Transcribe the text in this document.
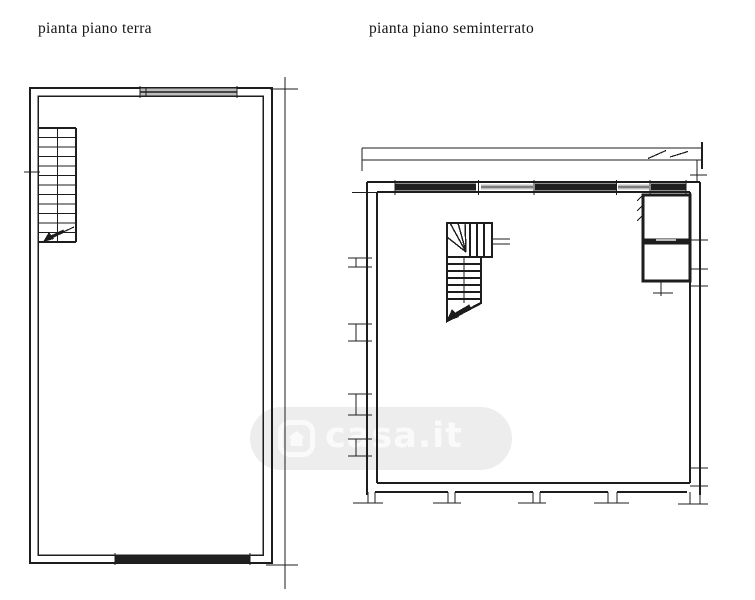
casa.it
pianta piano terra	pianta piano seminterrato
